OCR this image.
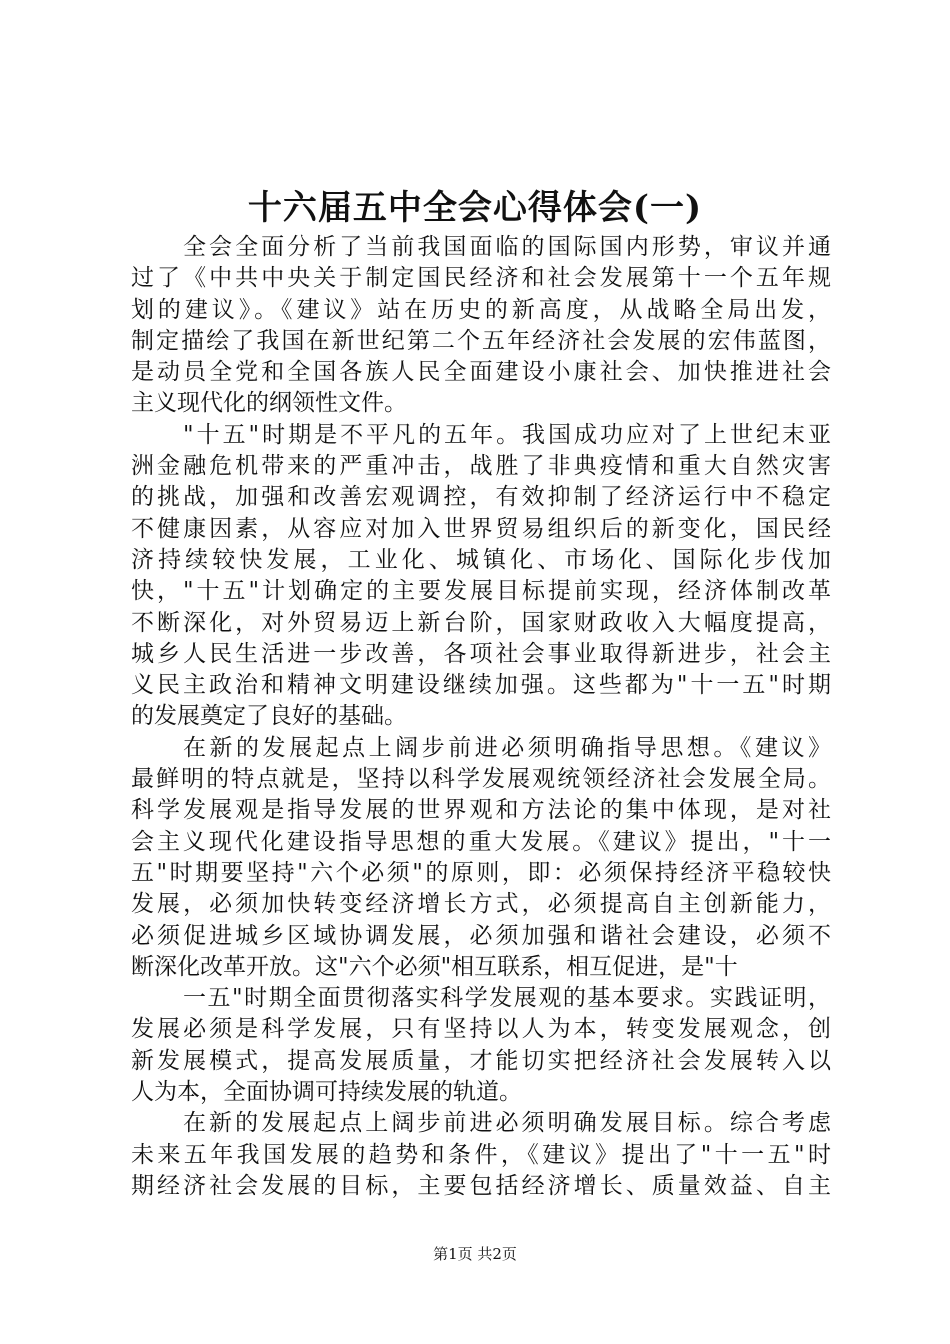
十六届五中全会心得体会(一)
全会全面分析了当前我国面临的国际国内形势，审议并通
过了《中共中央关于制定国民经济和社会发展第十一个五年规
划的建议》。《建议》站在历史的新高度，从战略全局出发，
制定描绘了我国在新世纪第二个五年经济社会发展的宏伟蓝图，
是动员全党和全国各族人民全面建设小康社会、加快推进社会
主义现代化的纲领性文件。
"十五"时期是不平凡的五年。我国成功应对了上世纪末亚
洲金融危机带来的严重冲击，战胜了非典疫情和重大自然灾害
的挑战，加强和改善宏观调控，有效抑制了经济运行中不稳定
不健康因素，从容应对加入世界贸易组织后的新变化，国民经
济持续较快发展，工业化、城镇化、市场化、国际化步伐加
快，"十五"计划确定的主要发展目标提前实现，经济体制改革
不断深化，对外贸易迈上新台阶，国家财政收入大幅度提高，
城乡人民生活进一步改善，各项社会事业取得新进步，社会主
义民主政治和精神文明建设继续加强。这些都为"十一五"时期
的发展奠定了良好的基础。
在新的发展起点上阔步前进必须明确指导思想。《建议》
最鲜明的特点就是，坚持以科学发展观统领经济社会发展全局。
科学发展观是指导发展的世界观和方法论的集中体现，是对社
会主义现代化建设指导思想的重大发展。《建议》提出，"十一
五"时期要坚持"六个必须"的原则，即：必须保持经济平稳较快
发展，必须加快转变经济增长方式，必须提高自主创新能力，
必须促进城乡区域协调发展，必须加强和谐社会建设，必须不
断深化改革开放。这"六个必须"相互联系，相互促进，是"十
一五"时期全面贯彻落实科学发展观的基本要求。实践证明，
发展必须是科学发展，只有坚持以人为本，转变发展观念，创
新发展模式，提高发展质量，才能切实把经济社会发展转入以
人为本，全面协调可持续发展的轨道。
在新的发展起点上阔步前进必须明确发展目标。综合考虑
未来五年我国发展的趋势和条件，《建议》提出了"十一五"时
期经济社会发展的目标，主要包括经济增长、质量效益、自主
第1页 共2页
